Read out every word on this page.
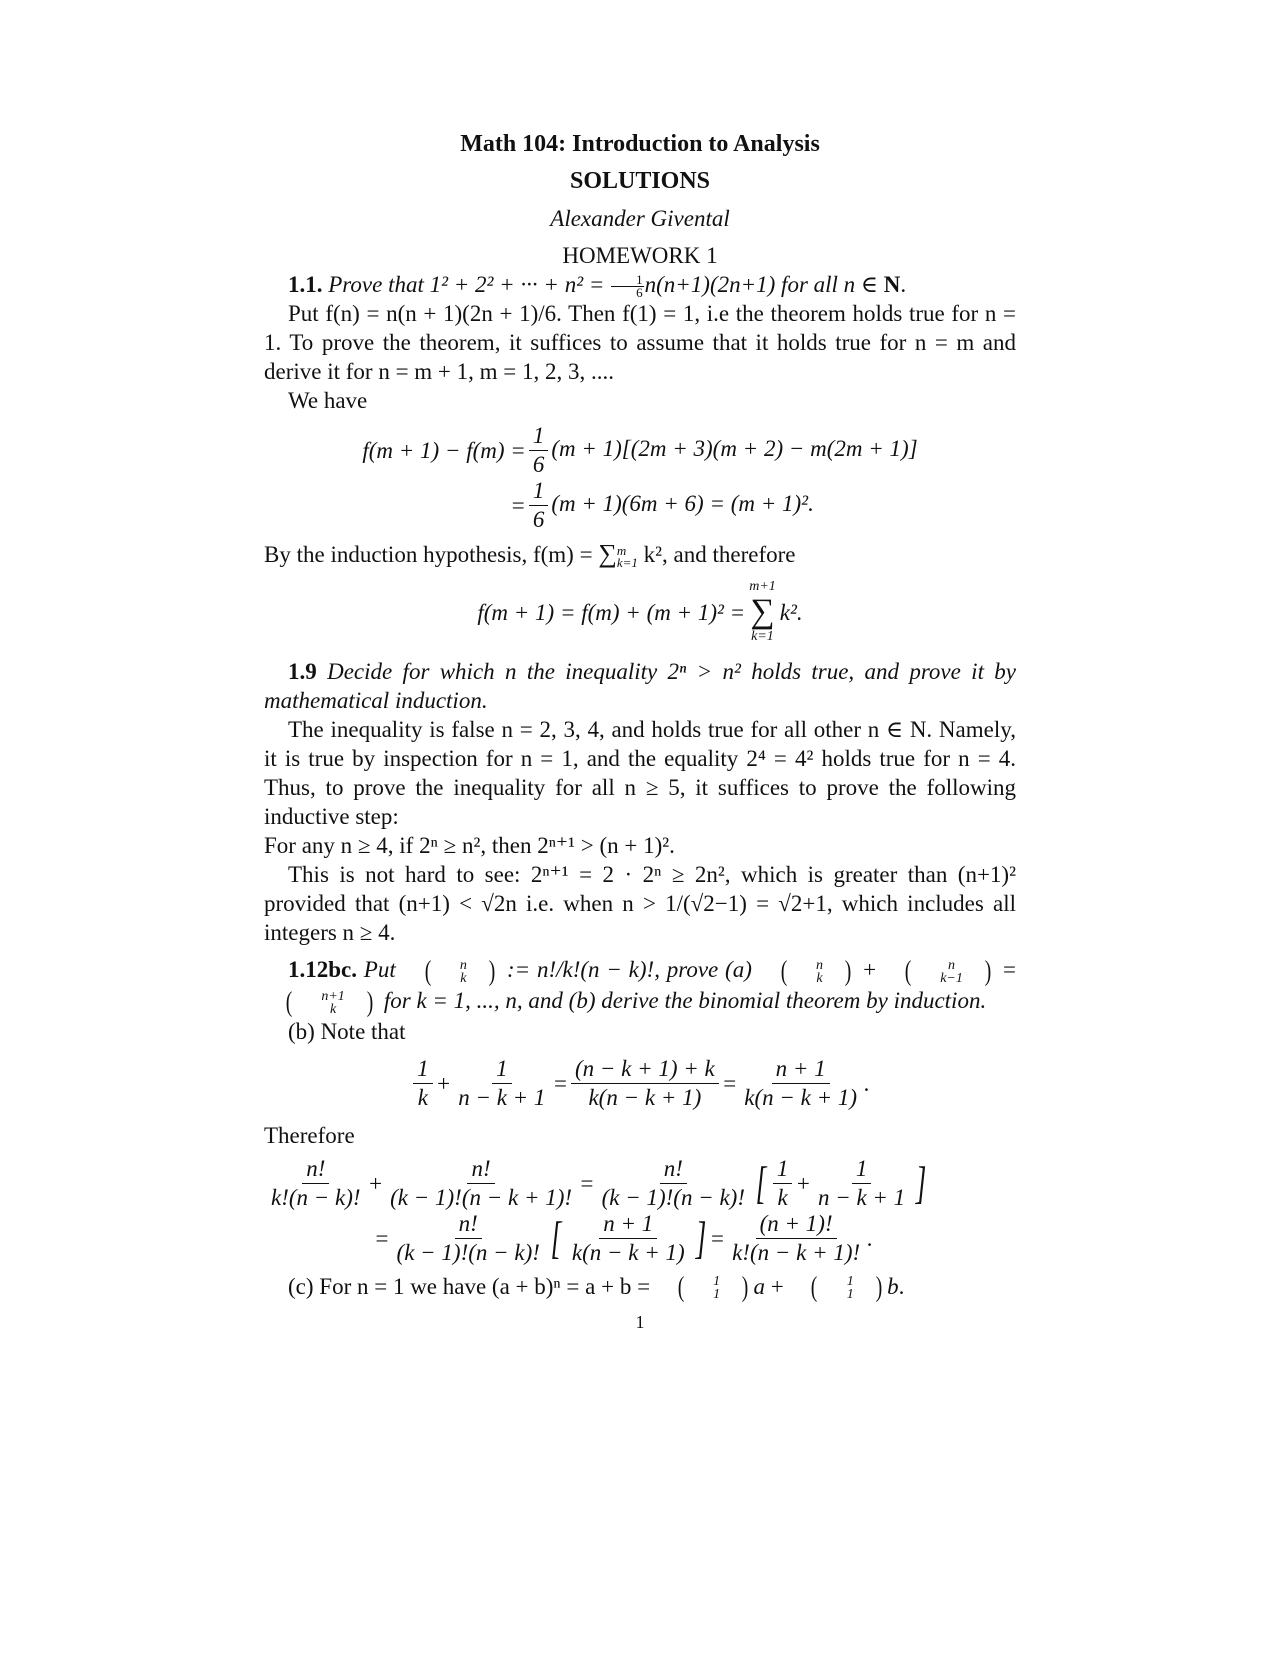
Math 104: Introduction to Analysis
SOLUTIONS
Alexander Givental
HOMEWORK 1

1.1. Prove that 1² + 2² + ··· + $n^2 = \frac{1}{6} n(n+1)(2n+1)$ for all n ∈ N.

Put f(n) = n(n + 1)(2n + 1)/6. Then f(1) = 1, i.e the theorem holds true for n = 1. To prove the theorem, it suffices to assume that it holds true for n = m and derive it for n = m + 1, m = 1, 2, 3, ....

We have

$f(m + 1) - f(m) = \frac{1}{6} (m + 1)[(2m + 3)(m + 2) - m(2m + 1)]$
= $\frac{1}{6} (m + 1)(6m + 6) = (m + 1)^2$.

By the induction hypothesis, f(m) = ∑ m
k=1 k², and therefore

f(m + 1) = f(m) + (m + 1)² =
m+1
∑
k=1
k².

1.9 Decide for which n the inequality 2ⁿ > n² holds true, and prove it by mathematical induction.

The inequality is false n = 2, 3, 4, and holds true for all other n ∈ N. Namely, it is true by inspection for n = 1, and the equality 2⁴ = 4² holds true for n = 4. Thus, to prove the inequality for all n ≥ 5, it suffices to prove the following inductive step:

For any n ≥ 4, if 2ⁿ ≥ n², then 2ⁿ⁺¹ > (n + 1)².

This is not hard to see: 2ⁿ⁺¹ = 2 · 2ⁿ ≥ 2n², which is greater than (n+1)² provided that (n+1) < √2n i.e. when n > 1/(√2−1) = √2+1, which includes all integers n ≥ 4.

1.12bc. Put (	n
k ) := n!/k!(n − k)!, prove (a) (	n
k ) + (	n
k−1 ) =
(	n+1
k	) for k = 1, ..., n, and (b) derive the binomial theorem by induction.

(b) Note that

$\frac{1}{k} + \frac{1}{n - k + 1} = \frac{(n - k + 1) + k}{k(n - k + 1)} = \frac{n + 1}{k(n - k + 1)}$ .

Therefore

$\frac{n!}{k!(n - k)!} + \frac{n!}{(k - 1)!(n - k + 1)!} = \frac{n!}{(k - 1)!(n - k)!}$ [ $\frac{1}{k} + \frac{1}{n - k + 1}$ ]
= $\frac{n!}{(k - 1)!(n - k)!}$ [ $\frac{n + 1}{k(n - k + 1)}$ ] = $\frac{(n + 1)!}{k!(n - k + 1)!}$ .

(c) For n = 1 we have (a + b)ⁿ = a + b = (	1
1 ) a + (	1
1 ) b.

1
